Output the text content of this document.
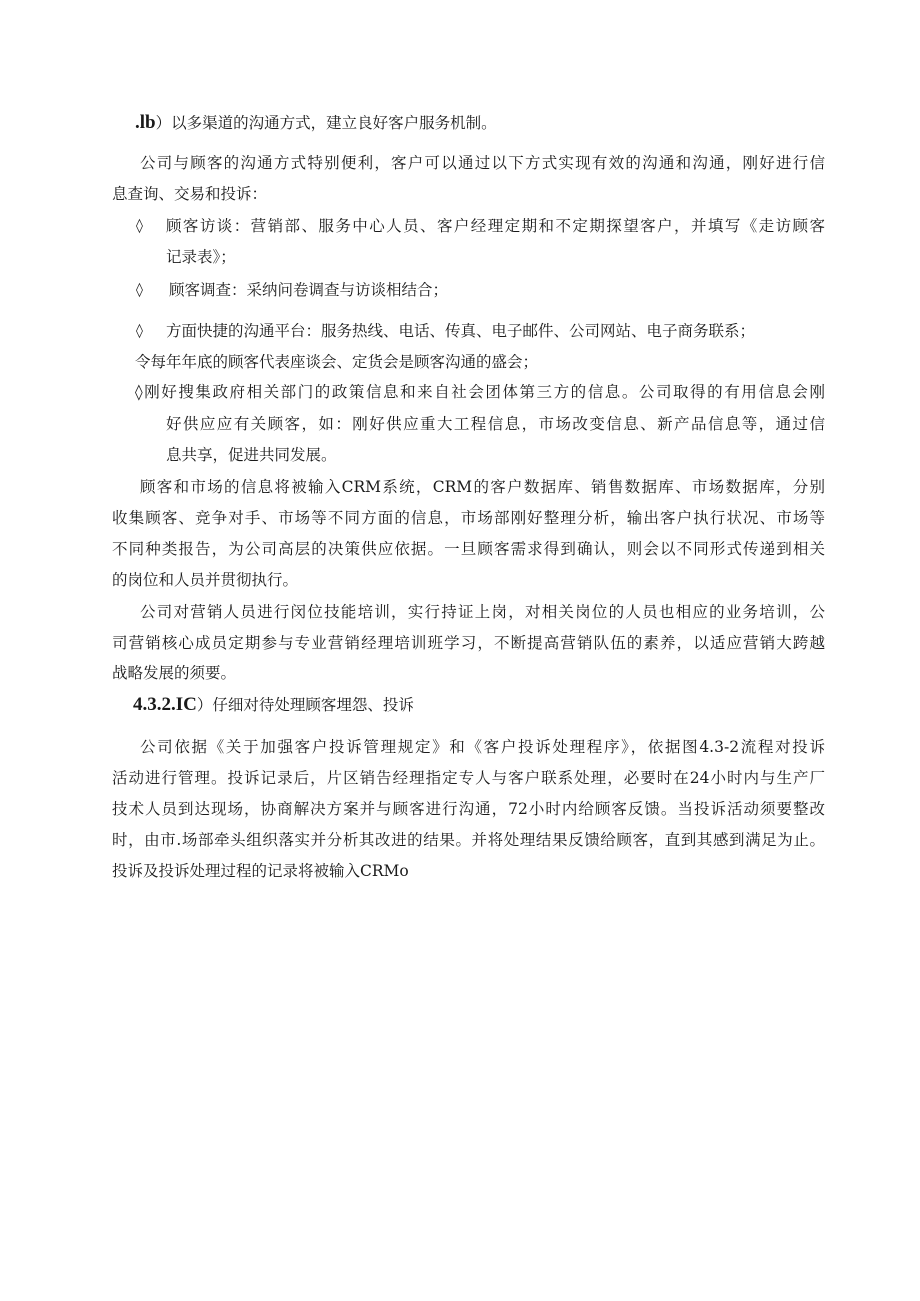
.lb）以多渠道的沟通方式，建立良好客户服务机制。
公司与顾客的沟通方式特别便利，客户可以通过以下方式实现有效的沟通和沟通，刚好进行信
息查询、交易和投诉：
◊ 顾客访谈：营销部、服务中心人员、客户经理定期和不定期探望客户，并填写《走访顾客
记录表》；
◊ 顾客调查：采纳问卷调查与访谈相结合；
◊ 方面快捷的沟通平台：服务热线、电话、传真、电子邮件、公司网站、电子商务联系；
令每年年底的顾客代表座谈会、定货会是顾客沟通的盛会；
◊刚好搜集政府相关部门的政策信息和来自社会团体第三方的信息。公司取得的有用信息会刚
好供应应有关顾客，如：刚好供应重大工程信息，市场改变信息、新产品信息等，通过信
息共享，促进共同发展。
顾客和市场的信息将被输入CRM系统，CRM的客户数据库、销售数据库、市场数据库，分别
收集顾客、竞争对手、市场等不同方面的信息，市场部刚好整理分析，输出客户执行状况、市场等
不同种类报告，为公司高层的决策供应依据。一旦顾客需求得到确认，则会以不同形式传递到相关
的岗位和人员并贯彻执行。
公司对营销人员进行闵位技能培训，实行持证上岗，对相关岗位的人员也相应的业务培训，公
司营销核心成员定期参与专业营销经理培训班学习，不断提高营销队伍的素养，以适应营销大跨越
战略发展的须要。
4.3.2.IC）仔细对待处理顾客埋怨、投诉
公司依据《关于加强客户投诉管理规定》和《客户投诉处理程序》，依据图4.3-2流程对投诉
活动进行管理。投诉记录后，片区销告经理指定专人与客户联系处理，必要时在24小时内与生产厂
技术人员到达现场，协商解决方案并与顾客进行沟通，72小时内给顾客反馈。当投诉活动须要整改
时，由市.场部牵头组织落实并分析其改进的结果。并将处理结果反馈给顾客，直到其感到满足为止。
投诉及投诉处理过程的记录将被输入CRMo
